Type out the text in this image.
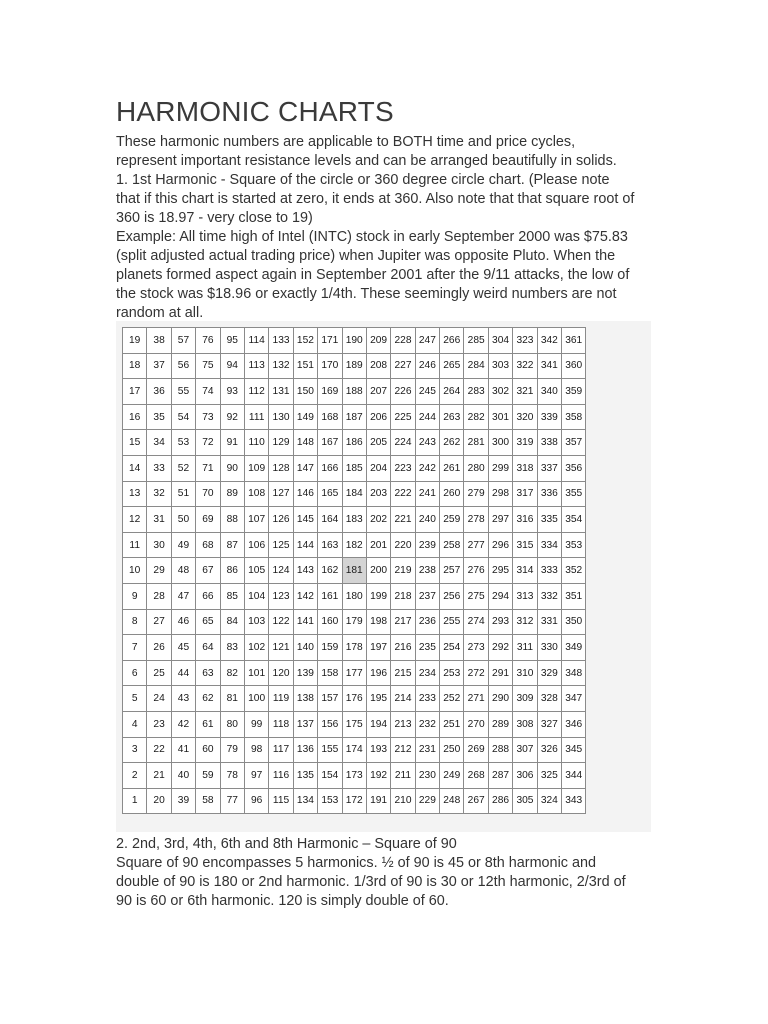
HARMONIC CHARTS
These harmonic numbers are applicable to BOTH time and price cycles,
represent important resistance levels and can be arranged beautifully in solids.
1. 1st Harmonic - Square of the circle or 360 degree circle chart. (Please note
that if this chart is started at zero, it ends at 360. Also note that that square root of
360 is 18.97 - very close to 19)
Example: All time high of Intel (INTC) stock in early September 2000 was $75.83
(split adjusted actual trading price) when Jupiter was opposite Pluto. When the
planets formed aspect again in September 2001 after the 9/11 attacks, the low of
the stock was $18.96 or exactly 1/4th. These seemingly weird numbers are not
random at all.
19	38	57	76	95	114	133	152	171	190	209	228	247	266	285	304	323	342	361
18	37	56	75	94	113	132	151	170	189	208	227	246	265	284	303	322	341	360
17	36	55	74	93	112	131	150	169	188	207	226	245	264	283	302	321	340	359
16	35	54	73	92	111	130	149	168	187	206	225	244	263	282	301	320	339	358
15	34	53	72	91	110	129	148	167	186	205	224	243	262	281	300	319	338	357
14	33	52	71	90	109	128	147	166	185	204	223	242	261	280	299	318	337	356
13	32	51	70	89	108	127	146	165	184	203	222	241	260	279	298	317	336	355
12	31	50	69	88	107	126	145	164	183	202	221	240	259	278	297	316	335	354
11	30	49	68	87	106	125	144	163	182	201	220	239	258	277	296	315	334	353
10	29	48	67	86	105	124	143	162	181	200	219	238	257	276	295	314	333	352
9	28	47	66	85	104	123	142	161	180	199	218	237	256	275	294	313	332	351
8	27	46	65	84	103	122	141	160	179	198	217	236	255	274	293	312	331	350
7	26	45	64	83	102	121	140	159	178	197	216	235	254	273	292	311	330	349
6	25	44	63	82	101	120	139	158	177	196	215	234	253	272	291	310	329	348
5	24	43	62	81	100	119	138	157	176	195	214	233	252	271	290	309	328	347
4	23	42	61	80	99	118	137	156	175	194	213	232	251	270	289	308	327	346
3	22	41	60	79	98	117	136	155	174	193	212	231	250	269	288	307	326	345
2	21	40	59	78	97	116	135	154	173	192	211	230	249	268	287	306	325	344
1	20	39	58	77	96	115	134	153	172	191	210	229	248	267	286	305	324	343
2. 2nd, 3rd, 4th, 6th and 8th Harmonic – Square of 90
Square of 90 encompasses 5 harmonics. ½ of 90 is 45 or 8th harmonic and
double of 90 is 180 or 2nd harmonic. 1/3rd of 90 is 30 or 12th harmonic, 2/3rd of
90 is 60 or 6th harmonic. 120 is simply double of 60.
